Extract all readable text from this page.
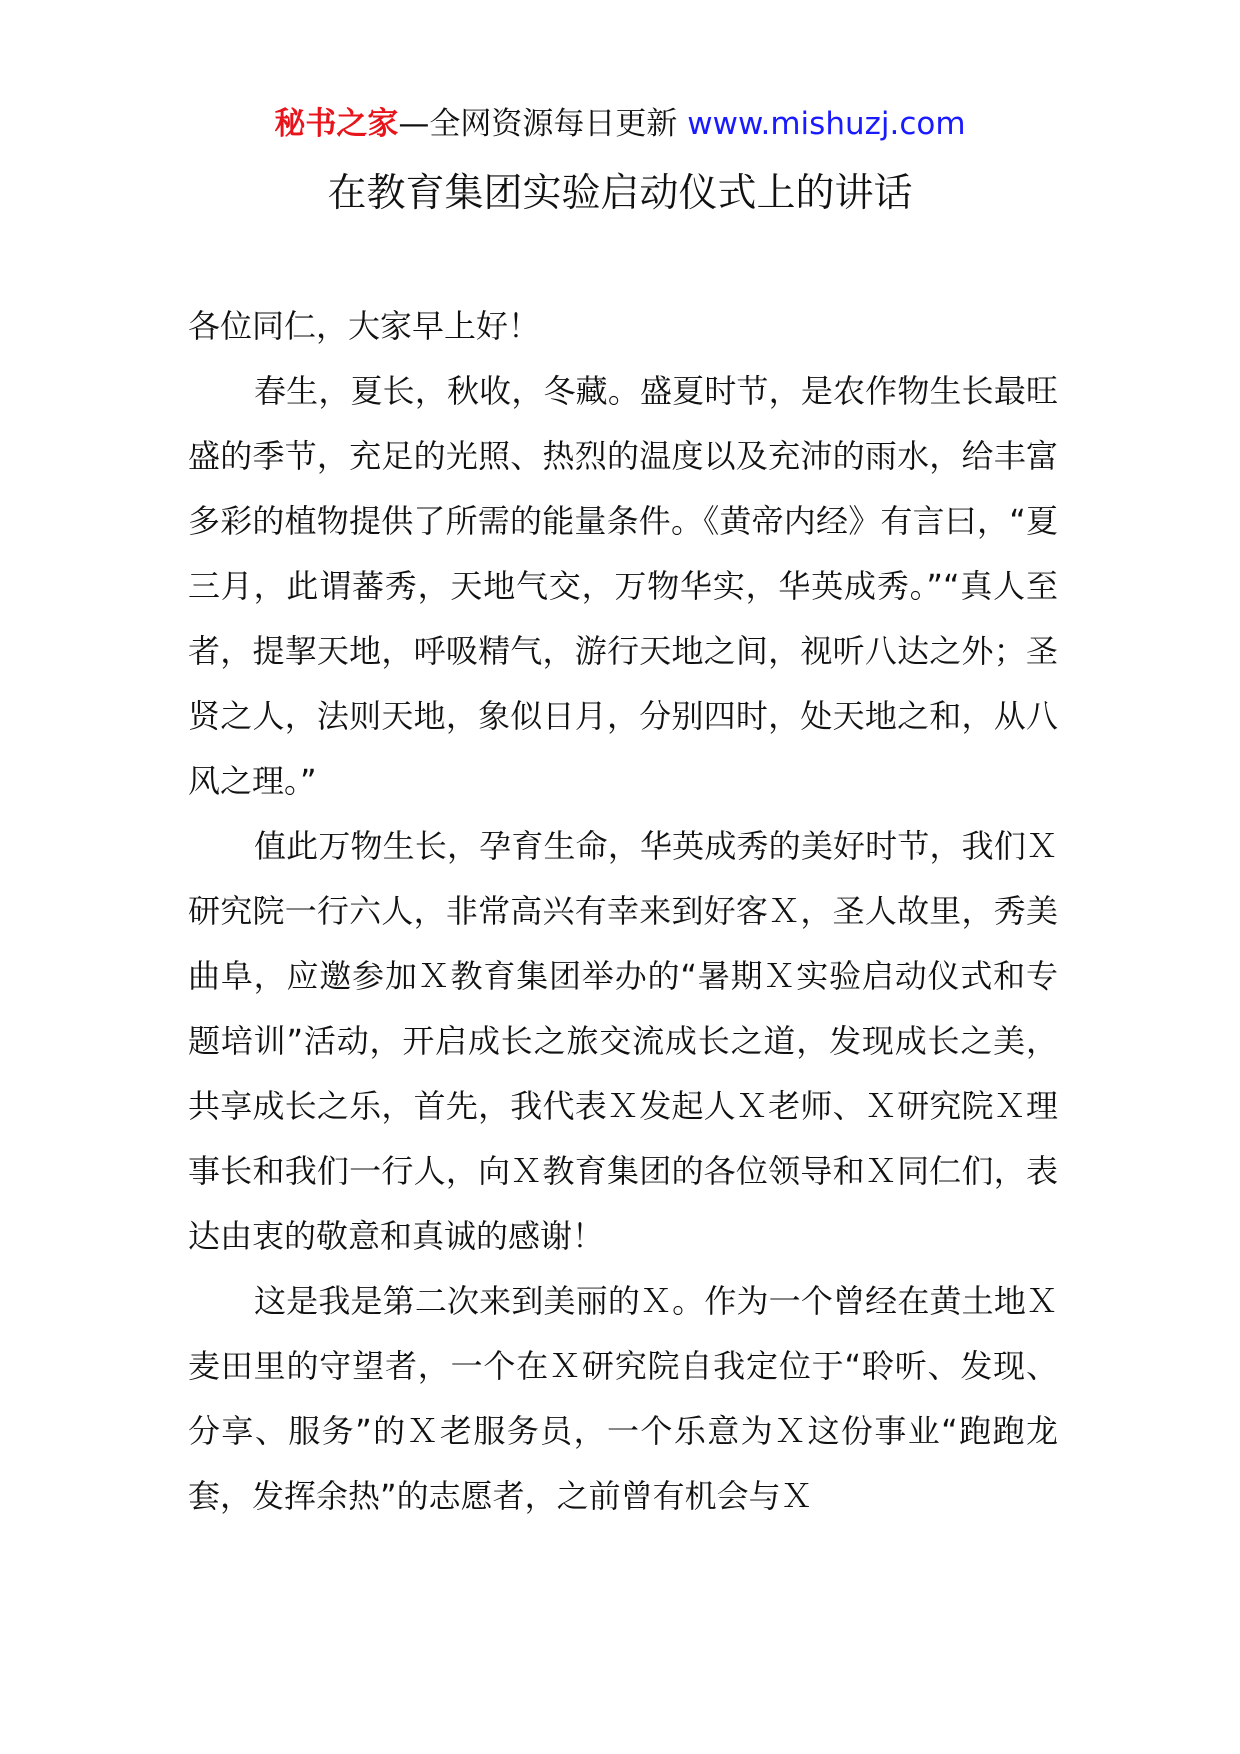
秘书之家—全网资源每日更新 www.mishuzj.com
在教育集团实验启动仪式上的讲话

各位同仁，大家早上好！

春生，夏长，秋收，冬藏。盛夏时节，是农作物生长最旺盛的季节，充足的光照、热烈的温度以及充沛的雨水，给丰富多彩的植物提供了所需的能量条件。《黄帝内经》有言曰，“夏三月，此谓蕃秀，天地气交，万物华实，华英成秀。”“真人至者，提挈天地，呼吸精气，游行天地之间，视听八达之外；圣贤之人，法则天地，象似日月，分别四时，处天地之和，从八风之理。”

值此万物生长，孕育生命，华英成秀的美好时节，我们Ｘ研究院一行六人，非常高兴有幸来到好客Ｘ，圣人故里，秀美曲阜，应邀参加Ｘ教育集团举办的“暑期Ｘ实验启动仪式和专题培训”活动，开启成长之旅交流成长之道，发现成长之美，共享成长之乐，首先，我代表Ｘ发起人Ｘ老师、Ｘ研究院Ｘ理事长和我们一行人，向Ｘ教育集团的各位领导和Ｘ同仁们，表达由衷的敬意和真诚的感谢！

这是我是第二次来到美丽的Ｘ。作为一个曾经在黄土地Ｘ麦田里的守望者，一个在Ｘ研究院自我定位于“聆听、发现、分享、服务”的Ｘ老服务员，一个乐意为Ｘ这份事业“跑跑龙套，发挥余热”的志愿者，之前曾有机会与Ｘ
